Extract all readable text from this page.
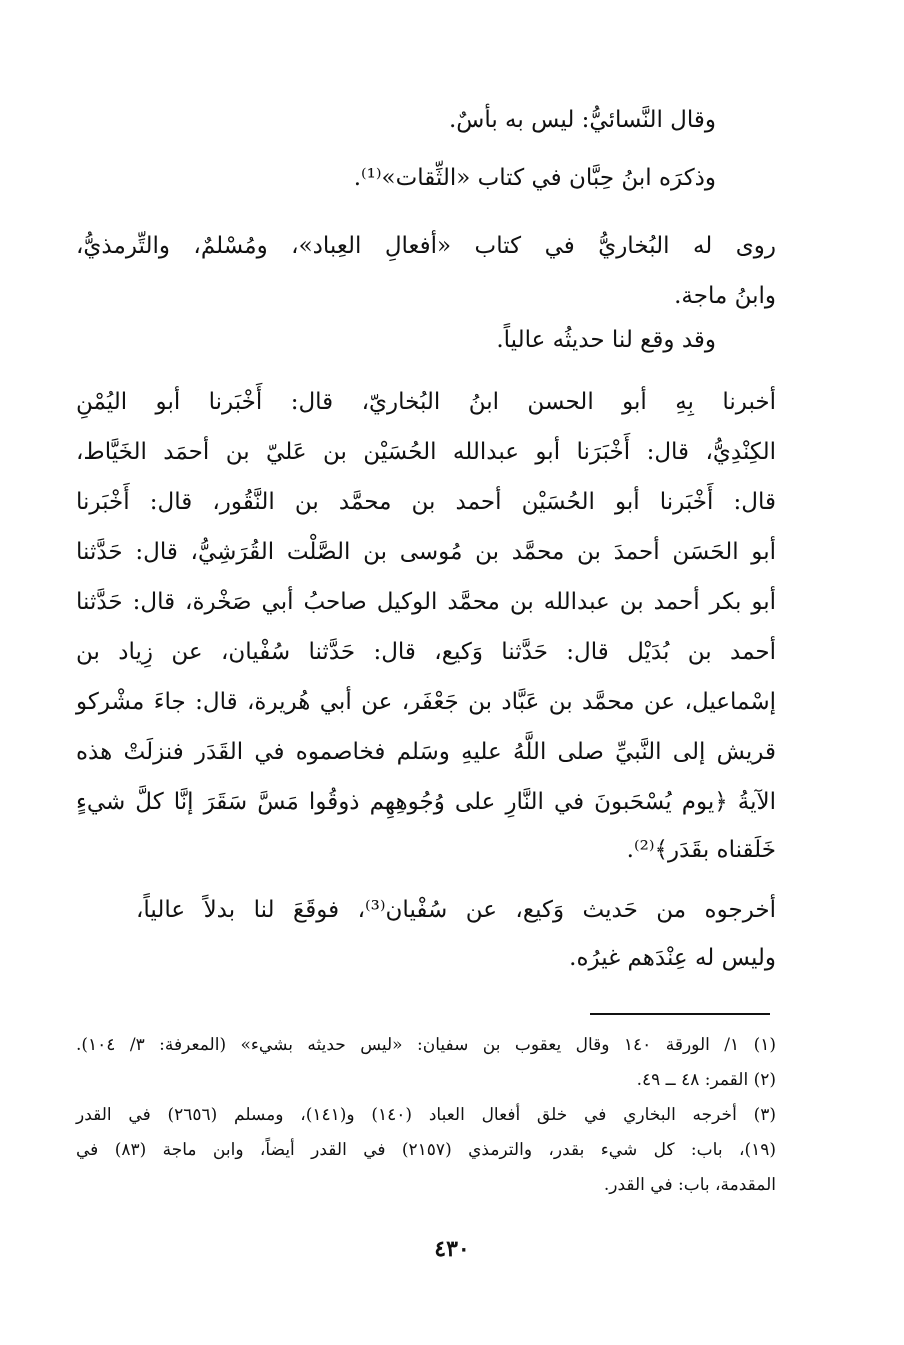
وقال النَّسائيُّ: ليس به بأسٌ.
وذكرَه ابنُ حِبَّان في كتاب «الثِّقات»⁽¹⁾.
روى له البُخاريُّ في كتاب «أفعالِ العِباد»، ومُسْلمٌ، والتِّرمذيُّ،
وابنُ ماجة.
وقد وقع لنا حديثُه عالياً.
أخبرنا بِهِ أبو الحسن ابنُ البُخاريّ، قال: أَخْبَرنا أبو اليُمْنِ
الكِنْدِيُّ، قال: أَخْبَرَنا أبو عبدالله الحُسَيْن بن عَليّ بن أحمَد الخَيَّاط،
قال: أَخْبَرنا أبو الحُسَيْن أحمد بن محمَّد بن النَّقُور، قال: أَخْبَرنا
أبو الحَسَن أحمدَ بن محمَّد بن مُوسى بن الصَّلْت القُرَشِيُّ، قال: حَدَّثنا
أبو بكر أحمد بن عبدالله بن محمَّد الوكيل صاحبُ أبي صَخْرة، قال: حَدَّثنا
أحمد بن بُدَيْل قال: حَدَّثنا وَكيع، قال: حَدَّثنا سُفْيان، عن زِياد بن
إسْماعيل، عن محمَّد بن عَبَّاد بن جَعْفَر، عن أبي هُريرة، قال: جاءَ مشْركو
قريش إلى النَّبيِّ صلى اللَّهُ عليهِ وسَلم فخاصموه في القَدَر فنزلَتْ هذه
الآيةُ ﴿يوم يُسْحَبونَ في النَّارِ على وُجُوهِهِم ذوقُوا مَسَّ سَقَرَ إنَّا كلَّ شيءٍ
خَلَقناه بقَدَر﴾⁽²⁾.
أخرجوه من حَديث وَكيع، عن سُفْيان⁽³⁾، فوقَعَ لنا بدلاً عالياً،
وليس له عِنْدَهم غيرُه.
(١) ١/ الورقة ١٤٠ وقال يعقوب بن سفيان: «ليس حديثه بشيء» (المعرفة: ٣/ ١٠٤).
(٢) القمر: ٤٨ ــ ٤٩.
(٣) أخرجه البخاري في خلق أفعال العباد (١٤٠) و(١٤١)، ومسلم (٢٦٥٦) في القدر
(١٩)، باب: كل شيء بقدر، والترمذي (٢١٥٧) في القدر أيضاً، وابن ماجة (٨٣) في
المقدمة، باب: في القدر.
٤٣٠
